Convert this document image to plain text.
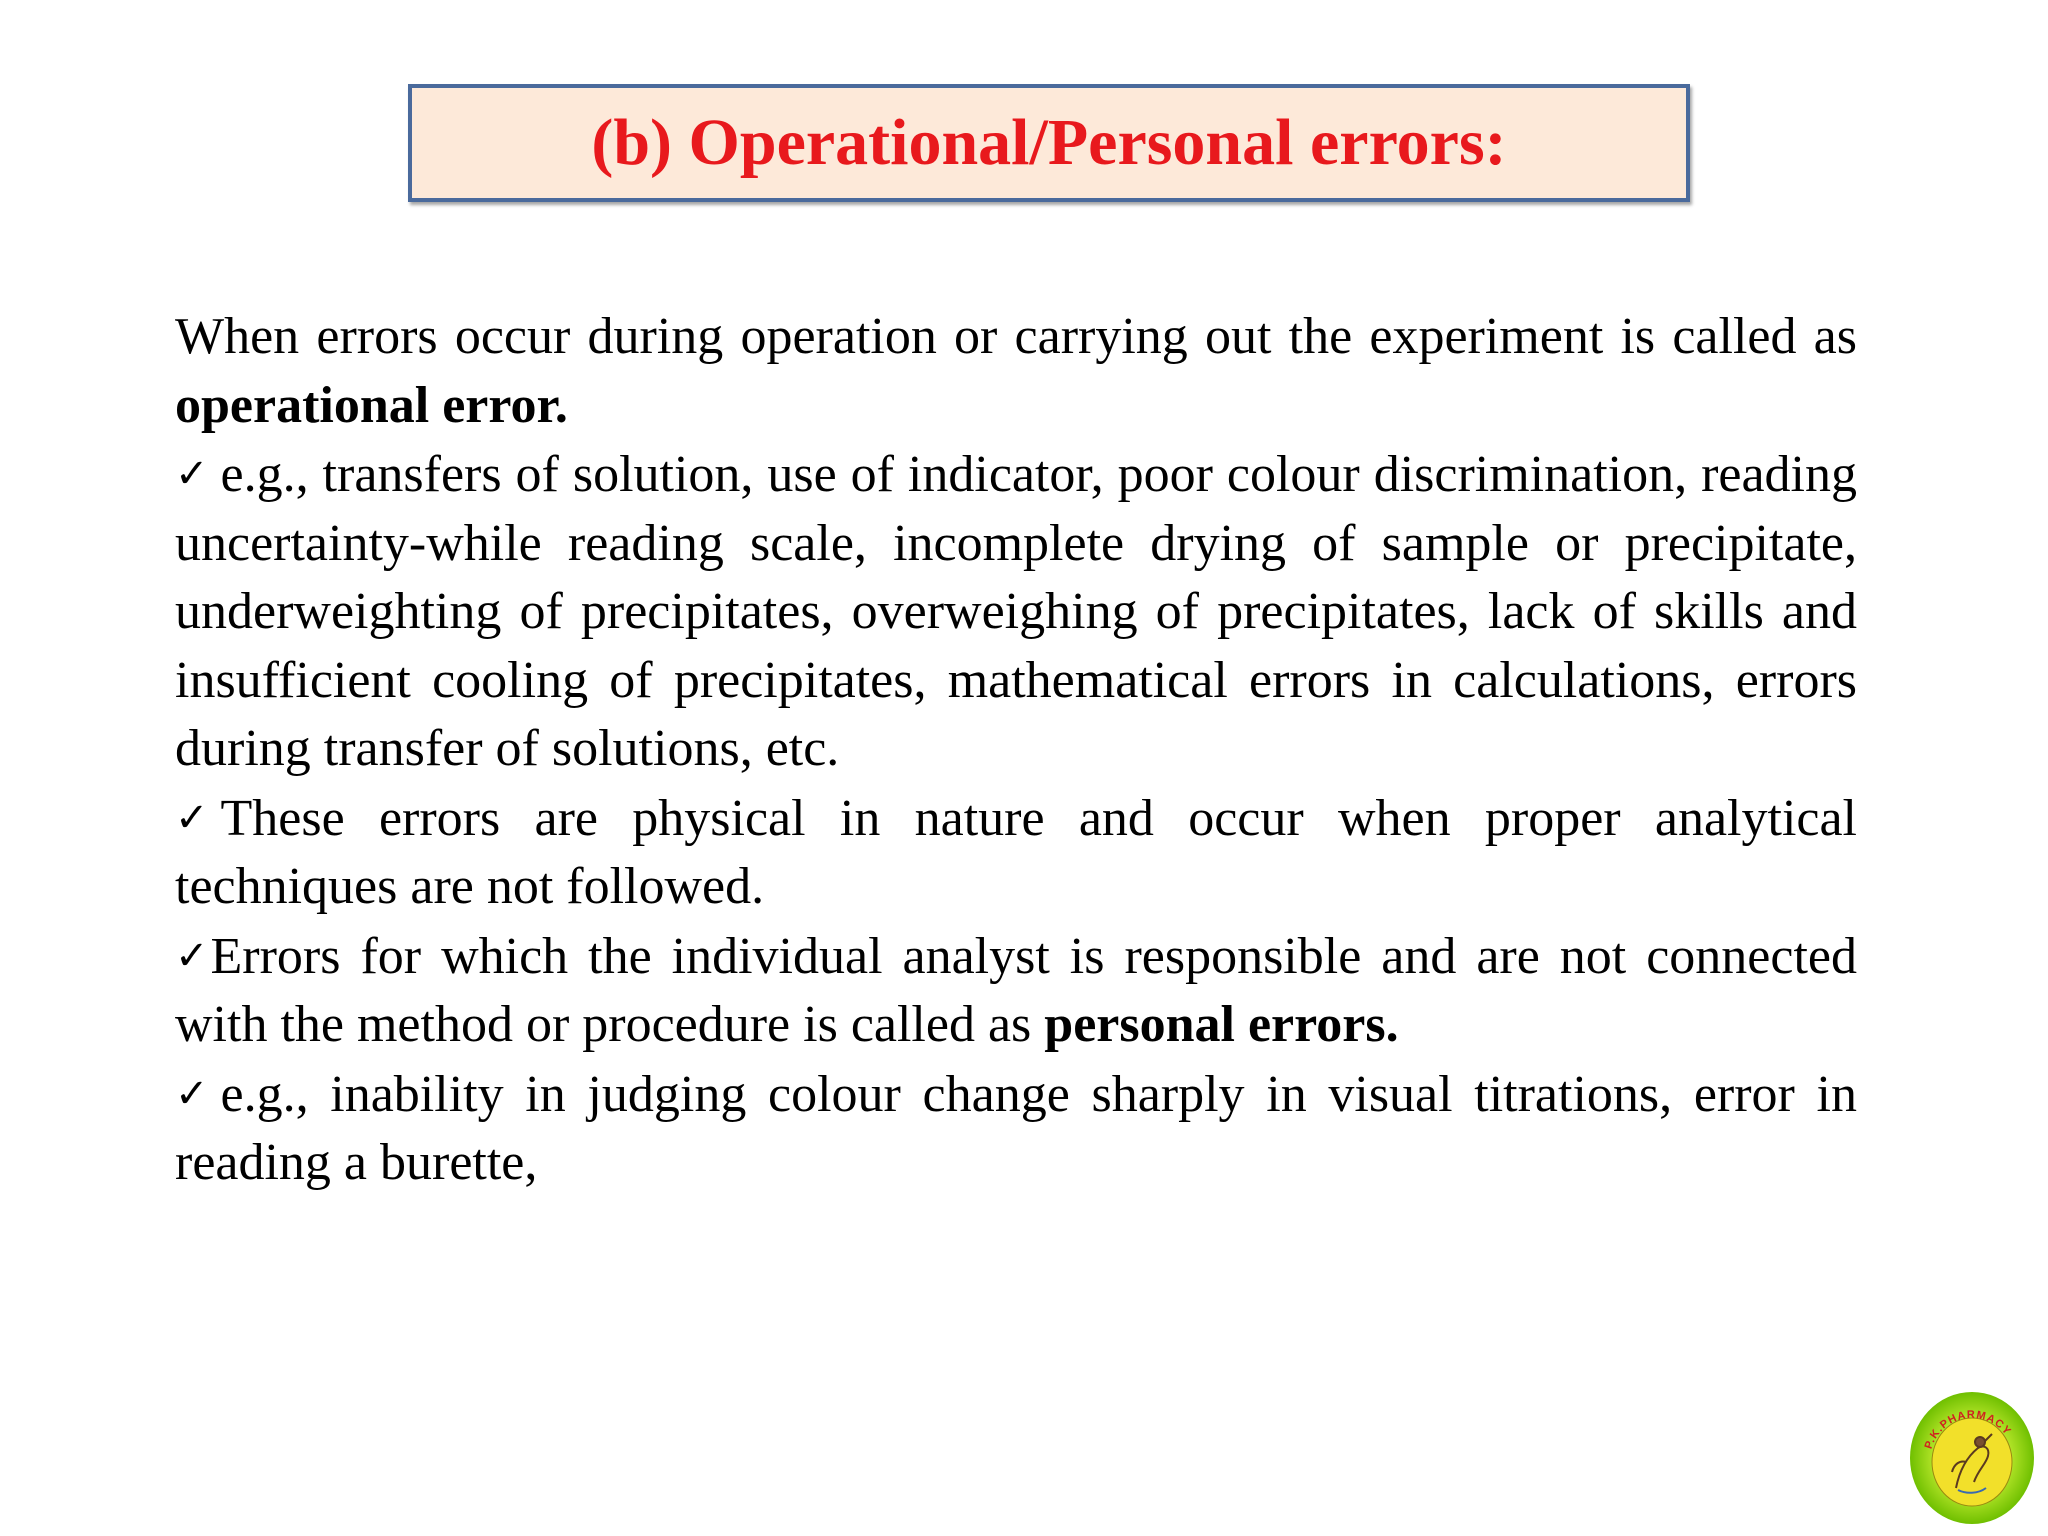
(b) Operational/Personal errors:

When errors occur during operation or carrying out the experiment is called as operational error.

✓ e.g., transfers of solution, use of indicator, poor colour discrimination, reading uncertainty-while reading scale, incomplete drying of sample or precipitate, underweighting of precipitates, overweighing of precipitates, lack of skills and insufficient cooling of precipitates, mathematical errors in calculations, errors during transfer of solutions, etc.

✓ These errors are physical in nature and occur when proper analytical techniques are not followed.

✓Errors for which the individual analyst is responsible and are not connected with the method or procedure is called as personal errors.

✓ e.g., inability in judging colour change sharply in visual titrations, error in reading a burette,

P.K.PHARMACY
